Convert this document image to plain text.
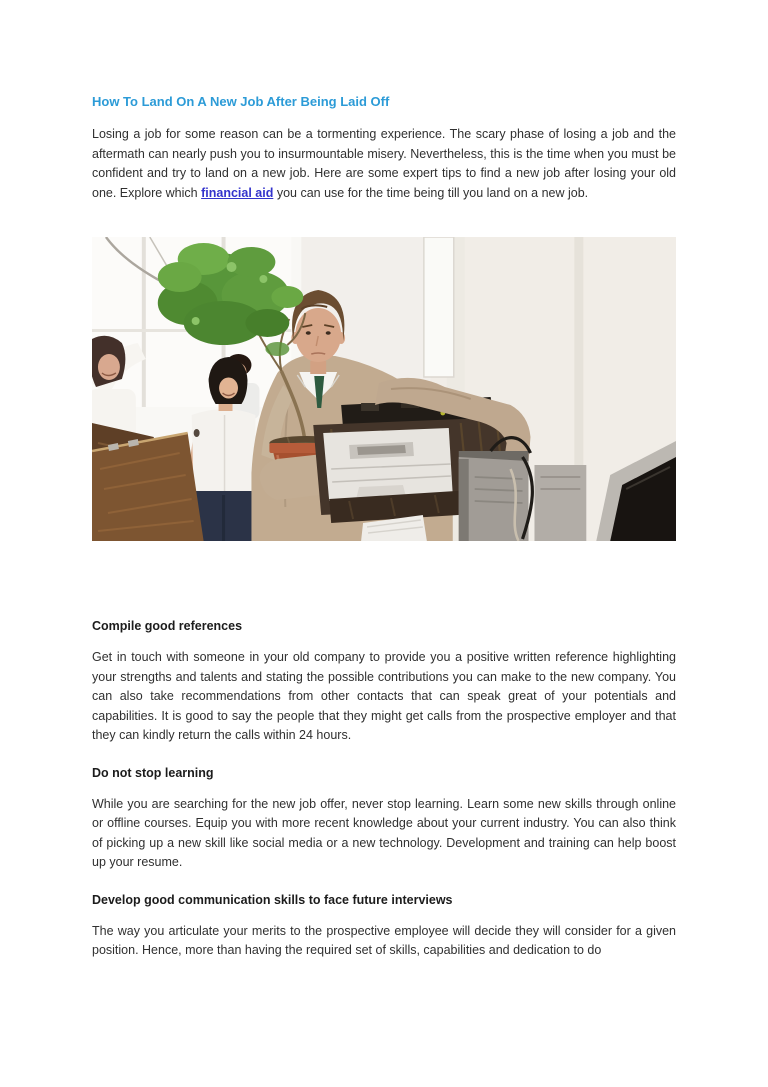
How To Land On A New Job After Being Laid Off

Losing a job for some reason can be a tormenting experience. The scary phase of losing a job and the aftermath can nearly push you to insurmountable misery. Nevertheless, this is the time when you must be confident and try to land on a new job. Here are some expert tips to find a new job after losing your old one. Explore which financial aid you can use for the time being till you land on a new job.

Compile good references

Get in touch with someone in your old company to provide you a positive written reference highlighting your strengths and talents and stating the possible contributions you can make to the new company. You can also take recommendations from other contacts that can speak great of your potentials and capabilities. It is good to say the people that they might get calls from the prospective employer and that they can kindly return the calls within 24 hours.

Do not stop learning

While you are searching for the new job offer, never stop learning. Learn some new skills through online or offline courses. Equip you with more recent knowledge about your current industry. You can also think of picking up a new skill like social media or a new technology. Development and training can help boost up your resume.

Develop good communication skills to face future interviews

The way you articulate your merits to the prospective employee will decide they will consider for a given position. Hence, more than having the required set of skills, capabilities and dedication to do
